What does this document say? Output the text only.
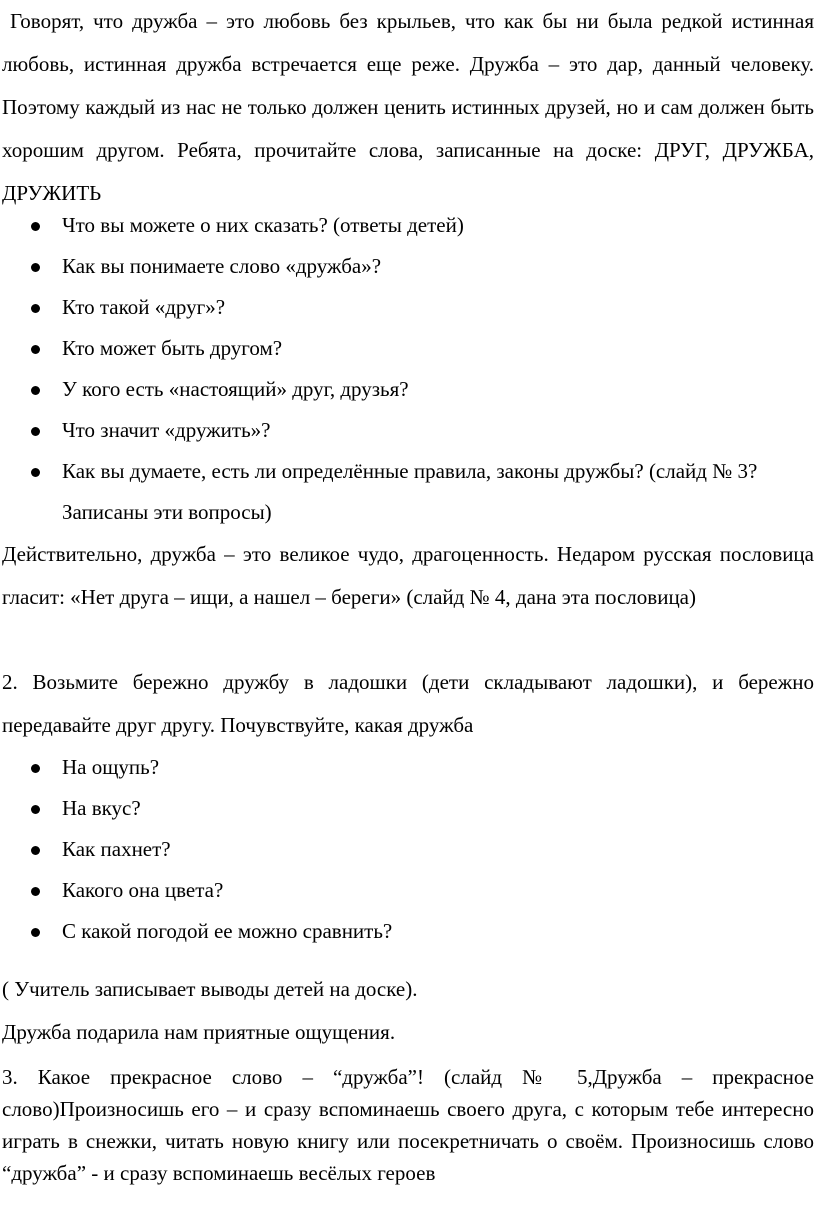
Говорят, что дружба – это любовь без крыльев, что как бы ни была редкой истинная любовь, истинная дружба встречается еще реже. Дружба – это дар, данный человеку. Поэтому каждый из нас не только должен ценить истинных друзей, но и сам должен быть хорошим другом. Ребята, прочитайте слова, записанные на доске: ДРУГ, ДРУЖБА, ДРУЖИТЬ

Что вы можете о них сказать? (ответы детей)
Как вы понимаете слово «дружба»?
Кто такой «друг»?
Кто может быть другом?
У кого есть «настоящий» друг, друзья?
Что значит «дружить»?
Как вы думаете, есть ли определённые правила, законы дружбы? (слайд № 3? Записаны эти вопросы)

Действительно, дружба – это великое чудо, драгоценность. Недаром русская пословица гласит: «Нет друга – ищи, а нашел – береги» (слайд № 4, дана эта пословица)

2. Возьмите бережно дружбу в ладошки (дети складывают ладошки), и бережно передавайте друг другу. Почувствуйте, какая дружба

На ощупь?
На вкус?
Как пахнет?
Какого она цвета?
С какой погодой ее можно сравнить?

( Учитель записывает выводы детей на доске).

Дружба подарила нам приятные ощущения.

3. Какое прекрасное слово – “дружба”! (слайд № 5,Дружба – прекрасное слово)Произносишь его – и сразу вспоминаешь своего друга, с которым тебе интересно играть в снежки, читать новую книгу или посекретничать о своём. Произносишь слово “дружба” - и сразу вспоминаешь весёлых героев
